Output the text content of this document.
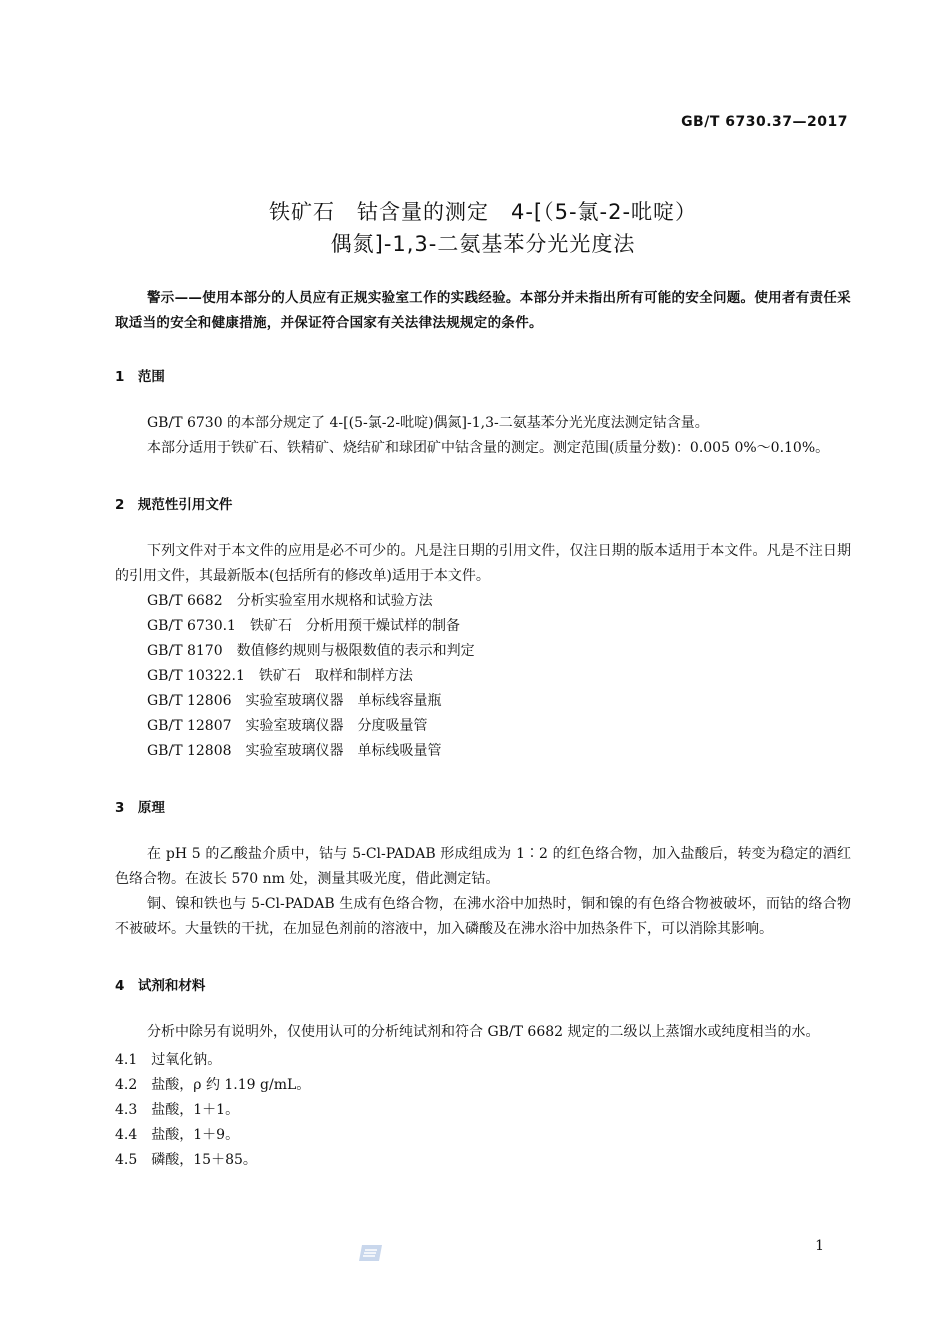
GB/T 6730.37—2017
铁矿石　钴含量的测定　4-[（5-氯-2-吡啶）
偶氮]-1,3-二氨基苯分光光度法

警示——使用本部分的人员应有正规实验室工作的实践经验。本部分并未指出所有可能的安全问题。使用者有责任采取适当的安全和健康措施，并保证符合国家有关法律法规规定的条件。

1　范围

GB/T 6730 的本部分规定了 4-[(5-氯-2-吡啶)偶氮]-1,3-二氨基苯分光光度法测定钴含量。

本部分适用于铁矿石、铁精矿、烧结矿和球团矿中钴含量的测定。测定范围(质量分数)：0.005 0%～0.10%。

2　规范性引用文件

下列文件对于本文件的应用是必不可少的。凡是注日期的引用文件，仅注日期的版本适用于本文件。凡是不注日期的引用文件，其最新版本(包括所有的修改单)适用于本文件。

GB/T 6682　分析实验室用水规格和试验方法

GB/T 6730.1　铁矿石　分析用预干燥试样的制备

GB/T 8170　数值修约规则与极限数值的表示和判定

GB/T 10322.1　铁矿石　取样和制样方法

GB/T 12806　实验室玻璃仪器　单标线容量瓶

GB/T 12807　实验室玻璃仪器　分度吸量管

GB/T 12808　实验室玻璃仪器　单标线吸量管

3　原理

在 pH 5 的乙酸盐介质中，钴与 5-Cl-PADAB 形成组成为 1∶2 的红色络合物，加入盐酸后，转变为稳定的酒红色络合物。在波长 570 nm 处，测量其吸光度，借此测定钴。

铜、镍和铁也与 5-Cl-PADAB 生成有色络合物，在沸水浴中加热时，铜和镍的有色络合物被破坏，而钴的络合物不被破坏。大量铁的干扰，在加显色剂前的溶液中，加入磷酸及在沸水浴中加热条件下，可以消除其影响。

4　试剂和材料

分析中除另有说明外，仅使用认可的分析纯试剂和符合 GB/T 6682 规定的二级以上蒸馏水或纯度相当的水。

4.1　过氧化钠。

4.2　盐酸，ρ 约 1.19 g/mL。

4.3　盐酸，1＋1。

4.4　盐酸，1＋9。

4.5　磷酸，15＋85。

1
